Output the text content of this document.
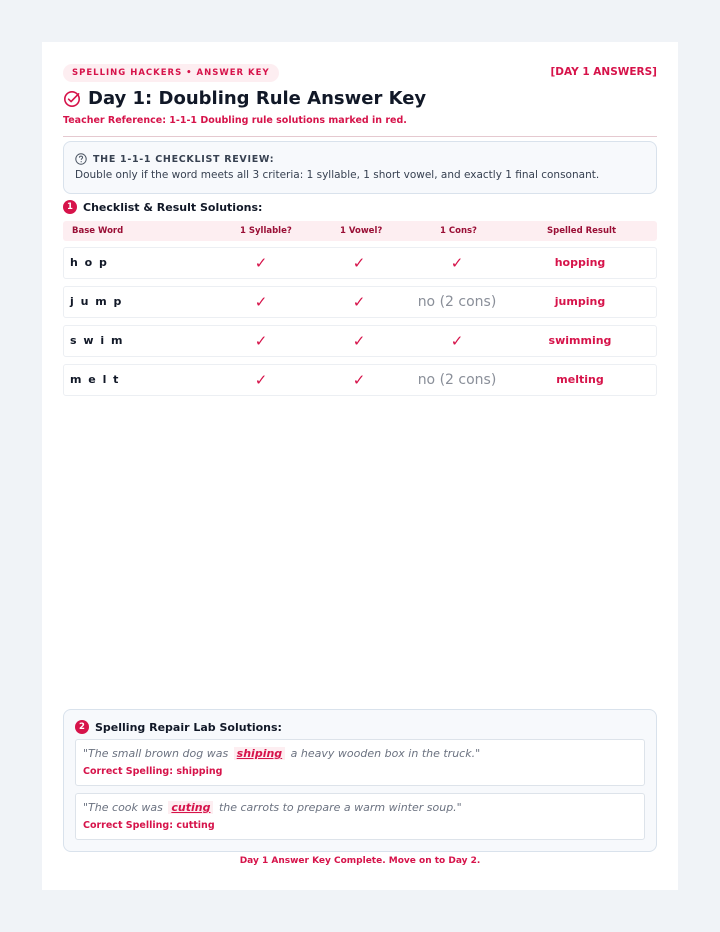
SPELLING HACKERS • ANSWER KEY	[DAY 1 ANSWERS]
Day 1: Doubling Rule Answer Key
Teacher Reference: 1-1-1 Doubling rule solutions marked in red.
THE 1-1-1 CHECKLIST REVIEW:
Double only if the word meets all 3 criteria: 1 syllable, 1 short vowel, and exactly 1 final consonant.
1 Checklist & Result Solutions:
Base Word	1 Syllable?	1 Vowel?	1 Cons?	Spelled Result
h o p	✓	✓	✓	hopping
j u m p	✓	✓	no (2 cons)	jumping
s w i m	✓	✓	✓	swimming
m e l t	✓	✓	no (2 cons)	melting
2 Spelling Repair Lab Solutions:
"The small brown dog was shiping a heavy wooden box in the truck."
Correct Spelling: shipping
"The cook was cuting the carrots to prepare a warm winter soup."
Correct Spelling: cutting
Day 1 Answer Key Complete. Move on to Day 2.
